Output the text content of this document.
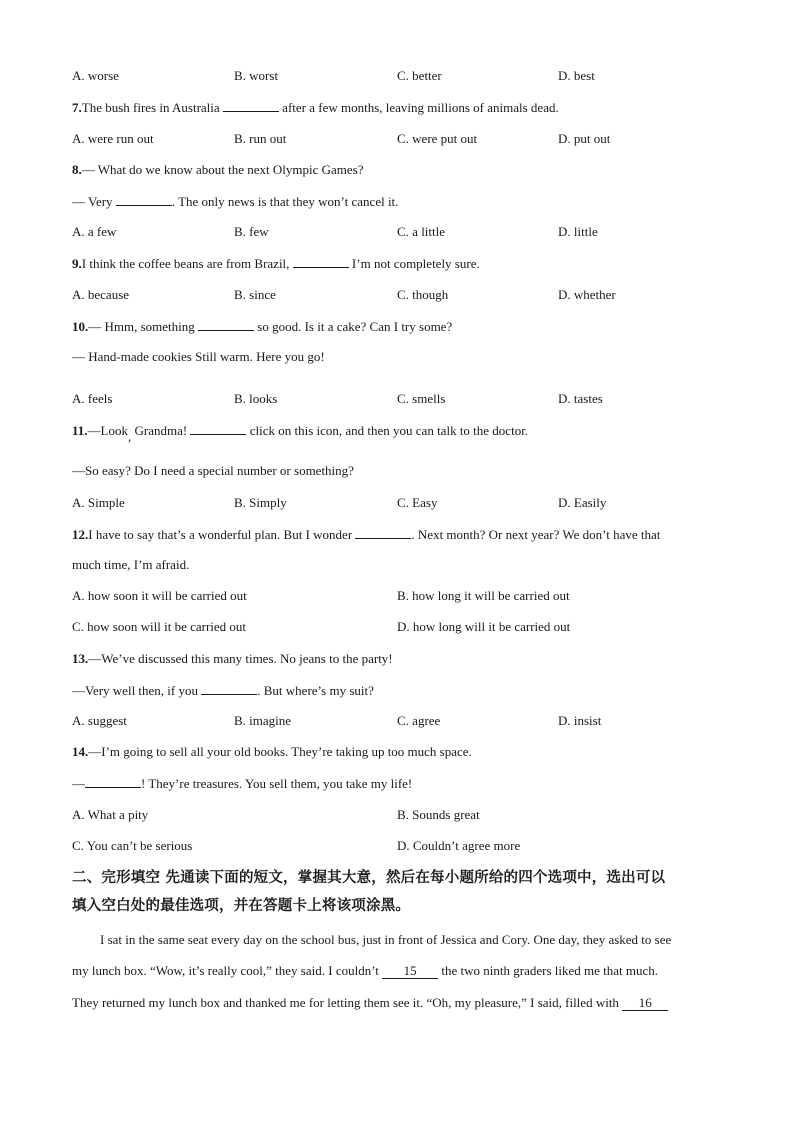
A. worse	B. worst	C. better	D. best
7.The bush fires in Australia	after a few months, leaving millions of animals dead.
A. were run out	B. run out	C. were put out	D. put out
8.— What do we know about the next Olympic Games?
— Very	. The only news is that they won’t cancel it.
A. a few	B. few	C. a little	D. little
9.I think the coffee beans are from Brazil,	I’m not completely sure.
A. because	B. since	C. though	D. whether
10.— Hmm, something	so good. Is it a cake? Can I try some?
— Hand-made cookies Still warm. Here you go!
A. feels	B. looks	C. smells	D. tastes
11.—Look, Grandma!	click on this icon, and then you can talk to the doctor.
—So easy? Do I need a special number or something?
A. Simple	B. Simply	C. Easy	D. Easily
12.I have to say that’s a wonderful plan. But I wonder	. Next month? Or next year? We don’t have that
much time, I’m afraid.
A. how soon it will be carried out	B. how long it will be carried out
C. how soon will it be carried out	D. how long will it be carried out
13.—We’ve discussed this many times. No jeans to the party!
—Very well then, if you	. But where’s my suit?
A. suggest	B. imagine	C. agree	D. insist
14.—I’m going to sell all your old books. They’re taking up too much space.
—	! They’re treasures. You sell them, you take my life!
A. What a pity	B. Sounds great
C. You can’t be serious	D. Couldn’t agree more
二、完形填空 先通读下面的短文，掌握其大意，然后在每小题所给的四个选项中，选出可以
填入空白处的最佳选项，并在答题卡上将该项涂黑。
I sat in the same seat every day on the school bus, just in front of Jessica and Cory. One day, they asked to see
my lunch box. “Wow, it’s really cool,” they said. I couldn’t 15 the two ninth graders liked me that much.
They returned my lunch box and thanked me for letting them see it. “Oh, my pleasure,” I said, filled with 16
